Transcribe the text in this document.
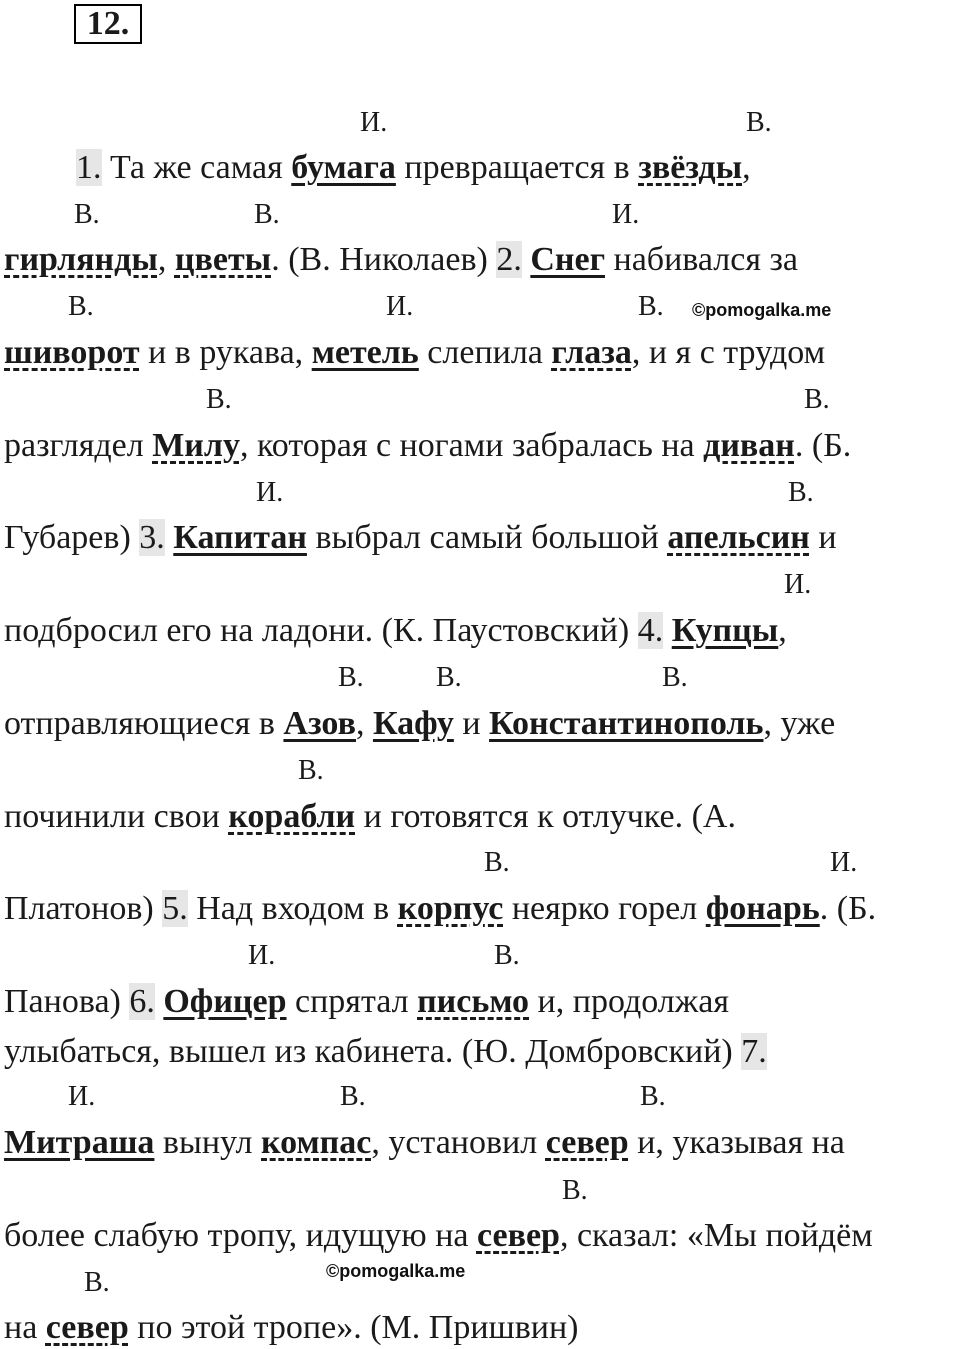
12.
И.	В.
1. Та же самая бумага превращается в звёзды,
В.	В.	И.
гирлянды, цветы. (В. Николаев) 2. Снег набивался за
В.	И.	В. ©pomogalka.me
шиворот и в рукава, метель слепила глаза, и я с трудом
В.	В.
разглядел Милу, которая с ногами забралась на диван. (Б.
И.	В.
Губарев) 3. Капитан выбрал самый большой апельсин и
И.
подбросил его на ладони. (К. Паустовский) 4. Купцы,
В.	В.	В.
отправляющиеся в Азов, Кафу и Константинополь, уже
В.
починили свои корабли и готовятся к отлучке. (А.
В.	И.
Платонов) 5. Над входом в корпус неярко горел фонарь. (Б.
И.	В.
Панова) 6. Офицер спрятал письмо и, продолжая
улыбаться, вышел из кабинета. (Ю. Домбровский) 7.
И.	В.	В.
Митраша вынул компас, установил север и, указывая на
В.
более слабую тропу, идущую на север, сказал: «Мы пойдём
В.	©pomogalka.me
на север по этой тропе». (М. Пришвин)
